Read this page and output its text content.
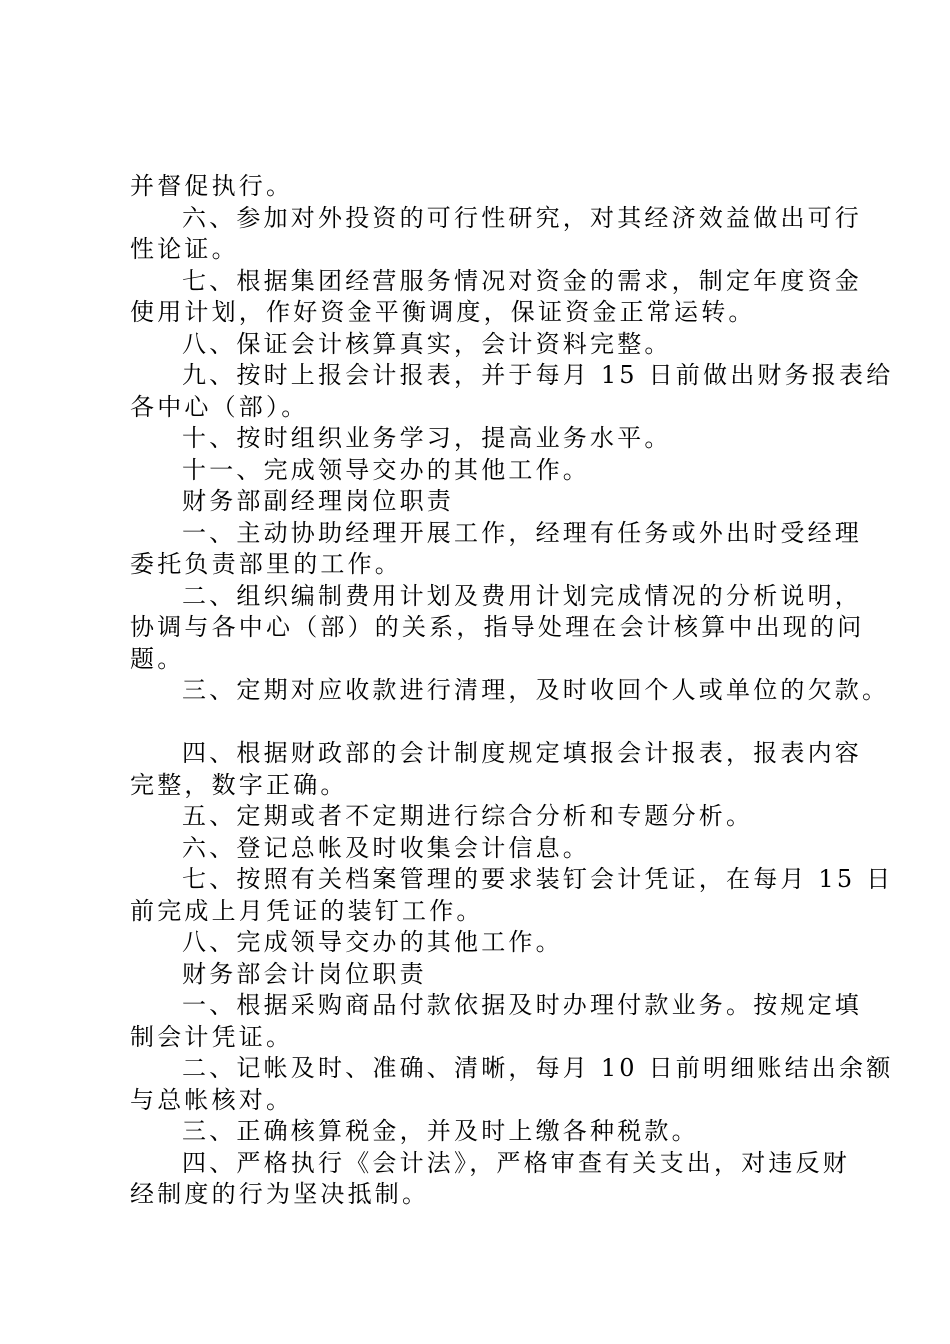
并督促执行。
六、参加对外投资的可行性研究，对其经济效益做出可行
性论证。
七、根据集团经营服务情况对资金的需求，制定年度资金
使用计划，作好资金平衡调度，保证资金正常运转。
八、保证会计核算真实，会计资料完整。
九、按时上报会计报表，并于每月 15 日前做出财务报表给
各中心（部）。
十、按时组织业务学习，提高业务水平。
十一、完成领导交办的其他工作。
财务部副经理岗位职责
一、主动协助经理开展工作，经理有任务或外出时受经理
委托负责部里的工作。
二、组织编制费用计划及费用计划完成情况的分析说明，
协调与各中心（部）的关系，指导处理在会计核算中出现的问
题。
三、定期对应收款进行清理，及时收回个人或单位的欠款。
四、根据财政部的会计制度规定填报会计报表，报表内容
完整，数字正确。
五、定期或者不定期进行综合分析和专题分析。
六、登记总帐及时收集会计信息。
七、按照有关档案管理的要求装钉会计凭证，在每月 15 日
前完成上月凭证的装钉工作。
八、完成领导交办的其他工作。
财务部会计岗位职责
一、根据采购商品付款依据及时办理付款业务。按规定填
制会计凭证。
二、记帐及时、准确、清晰，每月 10 日前明细账结出余额
与总帐核对。
三、正确核算税金，并及时上缴各种税款。
四、严格执行《会计法》，严格审查有关支出，对违反财
经制度的行为坚决抵制。
